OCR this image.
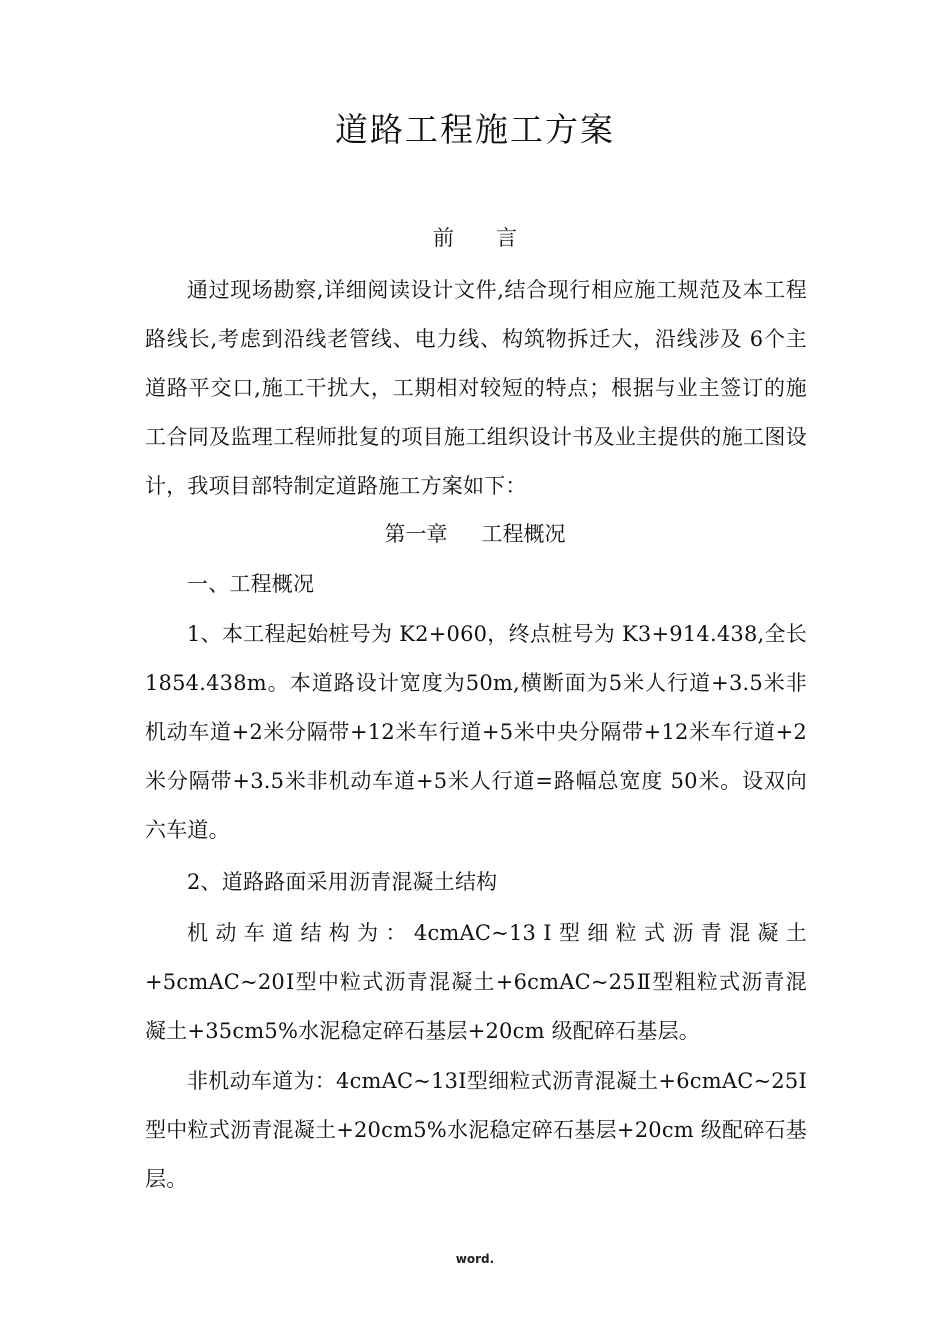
道路工程施工方案
前 言

通过现场勘察,详细阅读设计文件,结合现行相应施工规范及本工程路线长,考虑到沿线老管线、电力线、构筑物拆迁大，沿线涉及 6个主道路平交口,施工干扰大，工期相对较短的特点；根据与业主签订的施工合同及监理工程师批复的项目施工组织设计书及业主提供的施工图设计，我项目部特制定道路施工方案如下：

第一章 工程概况

一、工程概况

1、本工程起始桩号为 K2+060，终点桩号为 K3+914.438,全长 1854.438m。本道路设计宽度为50m,横断面为5米人行道+3.5米非机动车道+2米分隔带+12米车行道+5米中央分隔带+12米车行道+2米分隔带+3.5米非机动车道+5米人行道=路幅总宽度 50米。设双向六车道。

2、道路路面采用沥青混凝土结构

机动车道结构为：4cmAC~13Ⅰ型细粒式沥青混凝土+5cmAC~20Ⅰ型中粒式沥青混凝土+6cmAC~25Ⅱ型粗粒式沥青混凝土+35cm5%水泥稳定碎石基层+20cm 级配碎石基层。

非机动车道为：4cmAC~13Ⅰ型细粒式沥青混凝土+6cmAC~25Ⅰ型中粒式沥青混凝土+20cm5%水泥稳定碎石基层+20cm 级配碎石基层。

word.
